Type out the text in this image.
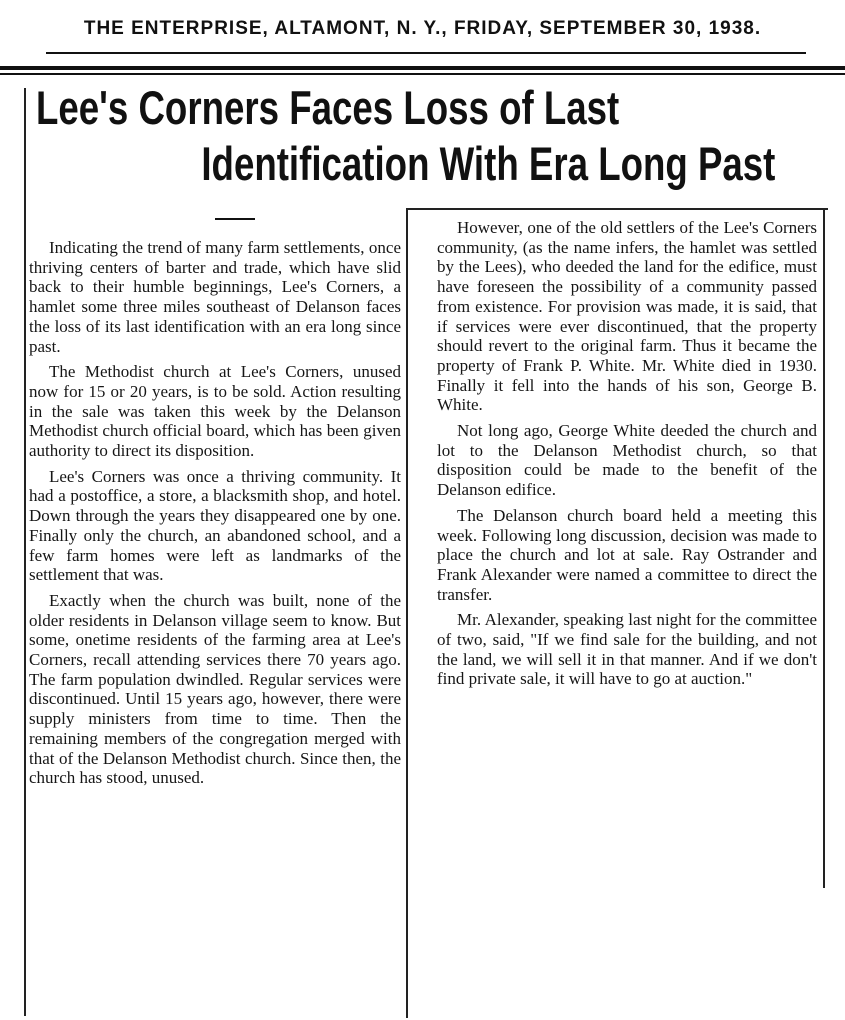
THE ENTERPRISE, ALTAMONT, N. Y., FRIDAY, SEPTEMBER 30, 1938.
Lee's Corners Faces Loss of Last
Identification With Era Long Past

Indicating the trend of many farm settlements, once thriving centers of barter and trade, which have slid back to their humble beginnings, Lee's Corners, a hamlet some three miles southeast of Delanson faces the loss of its last identification with an era long since past.

The Methodist church at Lee's Corners, unused now for 15 or 20 years, is to be sold. Action resulting in the sale was taken this week by the Delanson Methodist church official board, which has been given authority to direct its disposition.

Lee's Corners was once a thriving community. It had a postoffice, a store, a blacksmith shop, and hotel. Down through the years they disappeared one by one. Finally only the church, an abandoned school, and a few farm homes were left as landmarks of the settlement that was.

Exactly when the church was built, none of the older residents in Delanson village seem to know. But some, onetime residents of the farming area at Lee's Corners, recall attending services there 70 years ago. The farm population dwindled. Regular services were discontinued. Until 15 years ago, however, there were supply ministers from time to time. Then the remaining members of the congregation merged with that of the Delanson Methodist church. Since then, the church has stood, unused.

However, one of the old settlers of the Lee's Corners community, (as the name infers, the hamlet was settled by the Lees), who deeded the land for the edifice, must have foreseen the possibility of a community passed from existence. For provision was made, it is said, that if services were ever discontinued, that the property should revert to the original farm. Thus it became the property of Frank P. White. Mr. White died in 1930. Finally it fell into the hands of his son, George B. White.

Not long ago, George White deeded the church and lot to the Delanson Methodist church, so that disposition could be made to the benefit of the Delanson edifice.

The Delanson church board held a meeting this week. Following long discussion, decision was made to place the church and lot at sale. Ray Ostrander and Frank Alexander were named a committee to direct the transfer.

Mr. Alexander, speaking last night for the committee of two, said, "If we find sale for the building, and not the land, we will sell it in that manner. And if we don't find private sale, it will have to go at auction."
